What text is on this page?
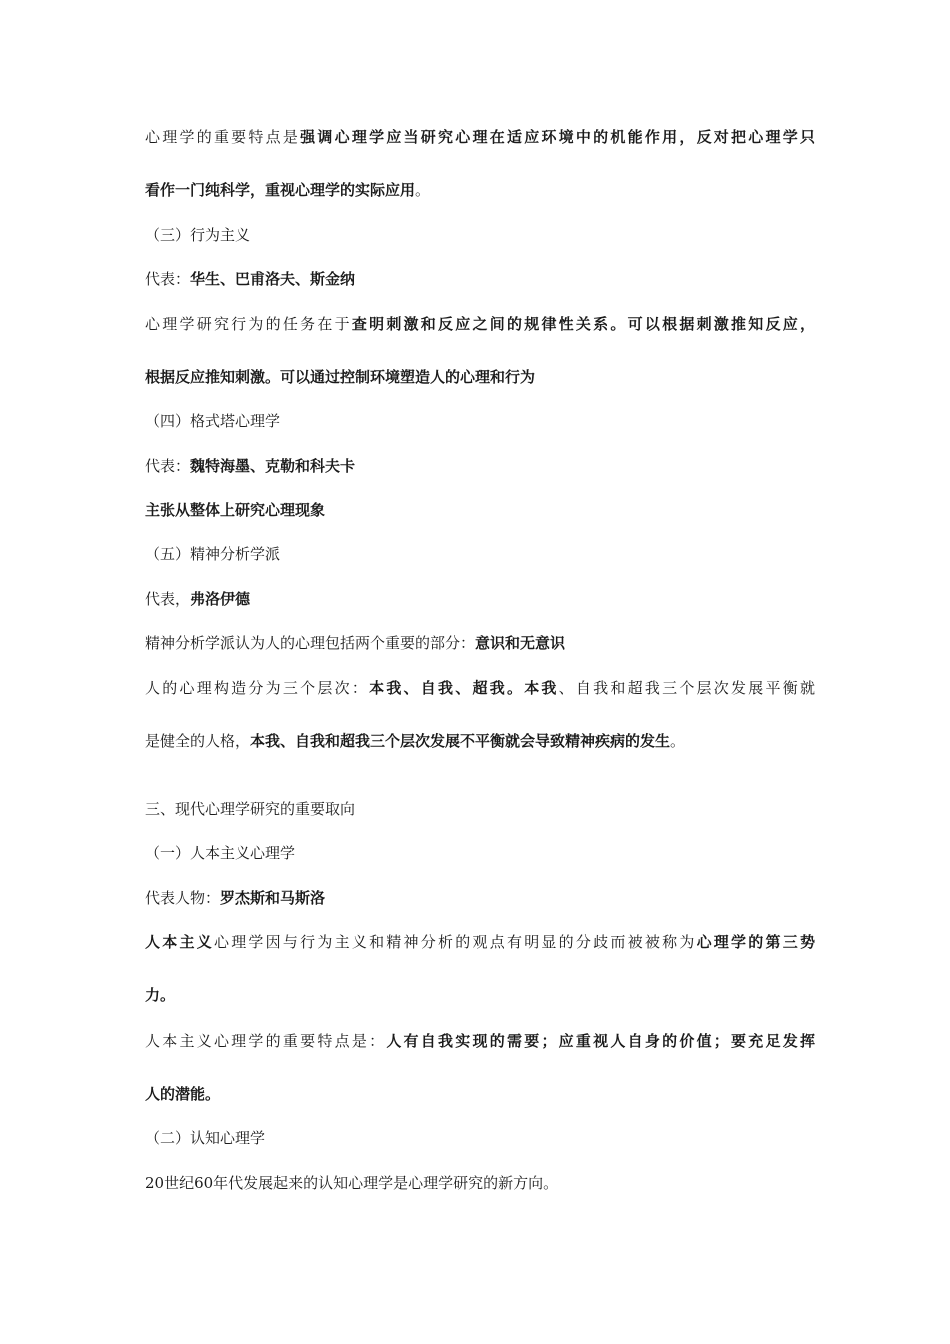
心理学的重要特点是强调心理学应当研究心理在适应环境中的机能作用，反对把心理学只
看作一门纯科学，重视心理学的实际应用。
（三）行为主义
代表：华生、巴甫洛夫、斯金纳
心理学研究行为的任务在于查明刺激和反应之间的规律性关系。可以根据刺激推知反应，
根据反应推知刺激。可以通过控制环境塑造人的心理和行为
（四）格式塔心理学
代表：魏特海墨、克勒和科夫卡
主张从整体上研究心理现象
（五）精神分析学派
代表，弗洛伊德
精神分析学派认为人的心理包括两个重要的部分：意识和无意识
人的心理构造分为三个层次：本我、自我、超我。本我、自我和超我三个层次发展平衡就
是健全的人格，本我、自我和超我三个层次发展不平衡就会导致精神疾病的发生。
三、现代心理学研究的重要取向
（一）人本主义心理学
代表人物：罗杰斯和马斯洛
人本主义心理学因与行为主义和精神分析的观点有明显的分歧而被被称为心理学的第三势
力。
人本主义心理学的重要特点是：人有自我实现的需要；应重视人自身的价值；要充足发挥
人的潜能。
（二）认知心理学
20世纪60年代发展起来的认知心理学是心理学研究的新方向。
